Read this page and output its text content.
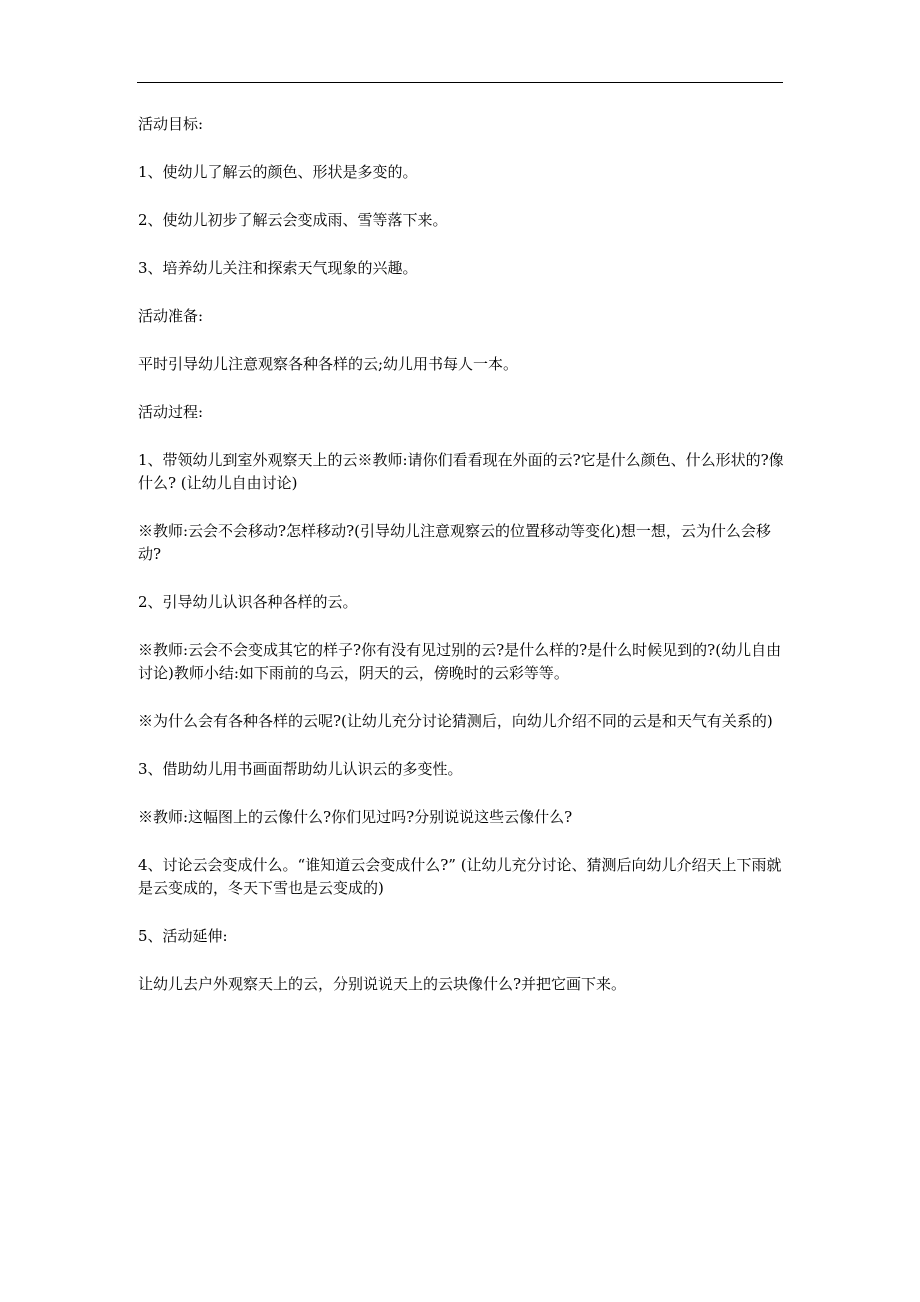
活动目标:

1、使幼儿了解云的颜色、形状是多变的。

2、使幼儿初步了解云会变成雨、雪等落下来。

3、培养幼儿关注和探索天气现象的兴趣。

活动准备:

平时引导幼儿注意观察各种各样的云;幼儿用书每人一本。

活动过程:

1、带领幼儿到室外观察天上的云※教师:请你们看看现在外面的云?它是什么颜色、什么形状的?像什么? (让幼儿自由讨论)

※教师:云会不会移动?怎样移动?(引导幼儿注意观察云的位置移动等变化)想一想，云为什么会移动?

2、引导幼儿认识各种各样的云。

※教师:云会不会变成其它的样子?你有没有见过别的云?是什么样的?是什么时候见到的?(幼儿自由讨论)教师小结:如下雨前的乌云，阴天的云，傍晚时的云彩等等。

※为什么会有各种各样的云呢?(让幼儿充分讨论猜测后，向幼儿介绍不同的云是和天气有关系的)

3、借助幼儿用书画面帮助幼儿认识云的多变性。

※教师:这幅图上的云像什么?你们见过吗?分别说说这些云像什么?

4、讨论云会变成什么。“谁知道云会变成什么?” (让幼儿充分讨论、猜测后向幼儿介绍天上下雨就是云变成的，冬天下雪也是云变成的)

5、活动延伸:

让幼儿去户外观察天上的云，分别说说天上的云块像什么?并把它画下来。
